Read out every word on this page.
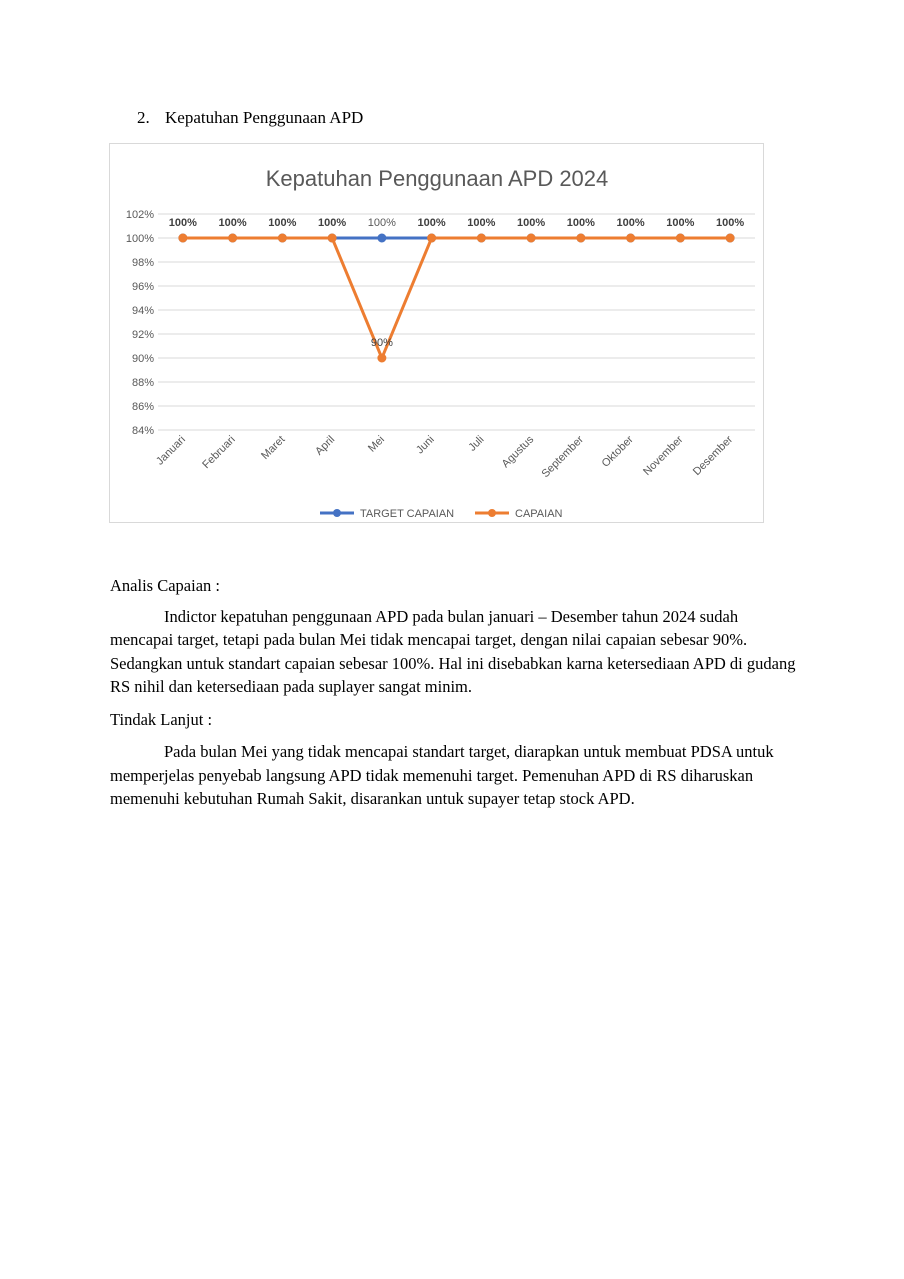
2. Kepatuhan Penggunaan APD
Kepatuhan Penggunaan APD 2024
84%
86%
88%
90%
92%
94%
96%
98%
100%
102%
Januari Februari Maret April	Mei Juni	Juli Agustus September Oktober November Desember
100% 100% 100% 100% 100% 100% 100% 100% 100% 100% 100% 100%
90%
TARGET CAPAIAN	CAPAIAN

Analis Capaian :

Indictor kepatuhan penggunaan APD pada bulan januari – Desember tahun 2024 sudah mencapai target, tetapi pada bulan Mei tidak mencapai target, dengan nilai capaian sebesar 90%. Sedangkan untuk standart capaian sebesar 100%. Hal ini disebabkan karna ketersediaan APD di gudang RS nihil dan ketersediaan pada suplayer sangat minim.

Tindak Lanjut :

Pada bulan Mei yang tidak mencapai standart target, diarapkan untuk membuat PDSA untuk memperjelas penyebab langsung APD tidak memenuhi target. Pemenuhan APD di RS diharuskan memenuhi kebutuhan Rumah Sakit, disarankan untuk supayer tetap stock APD.
